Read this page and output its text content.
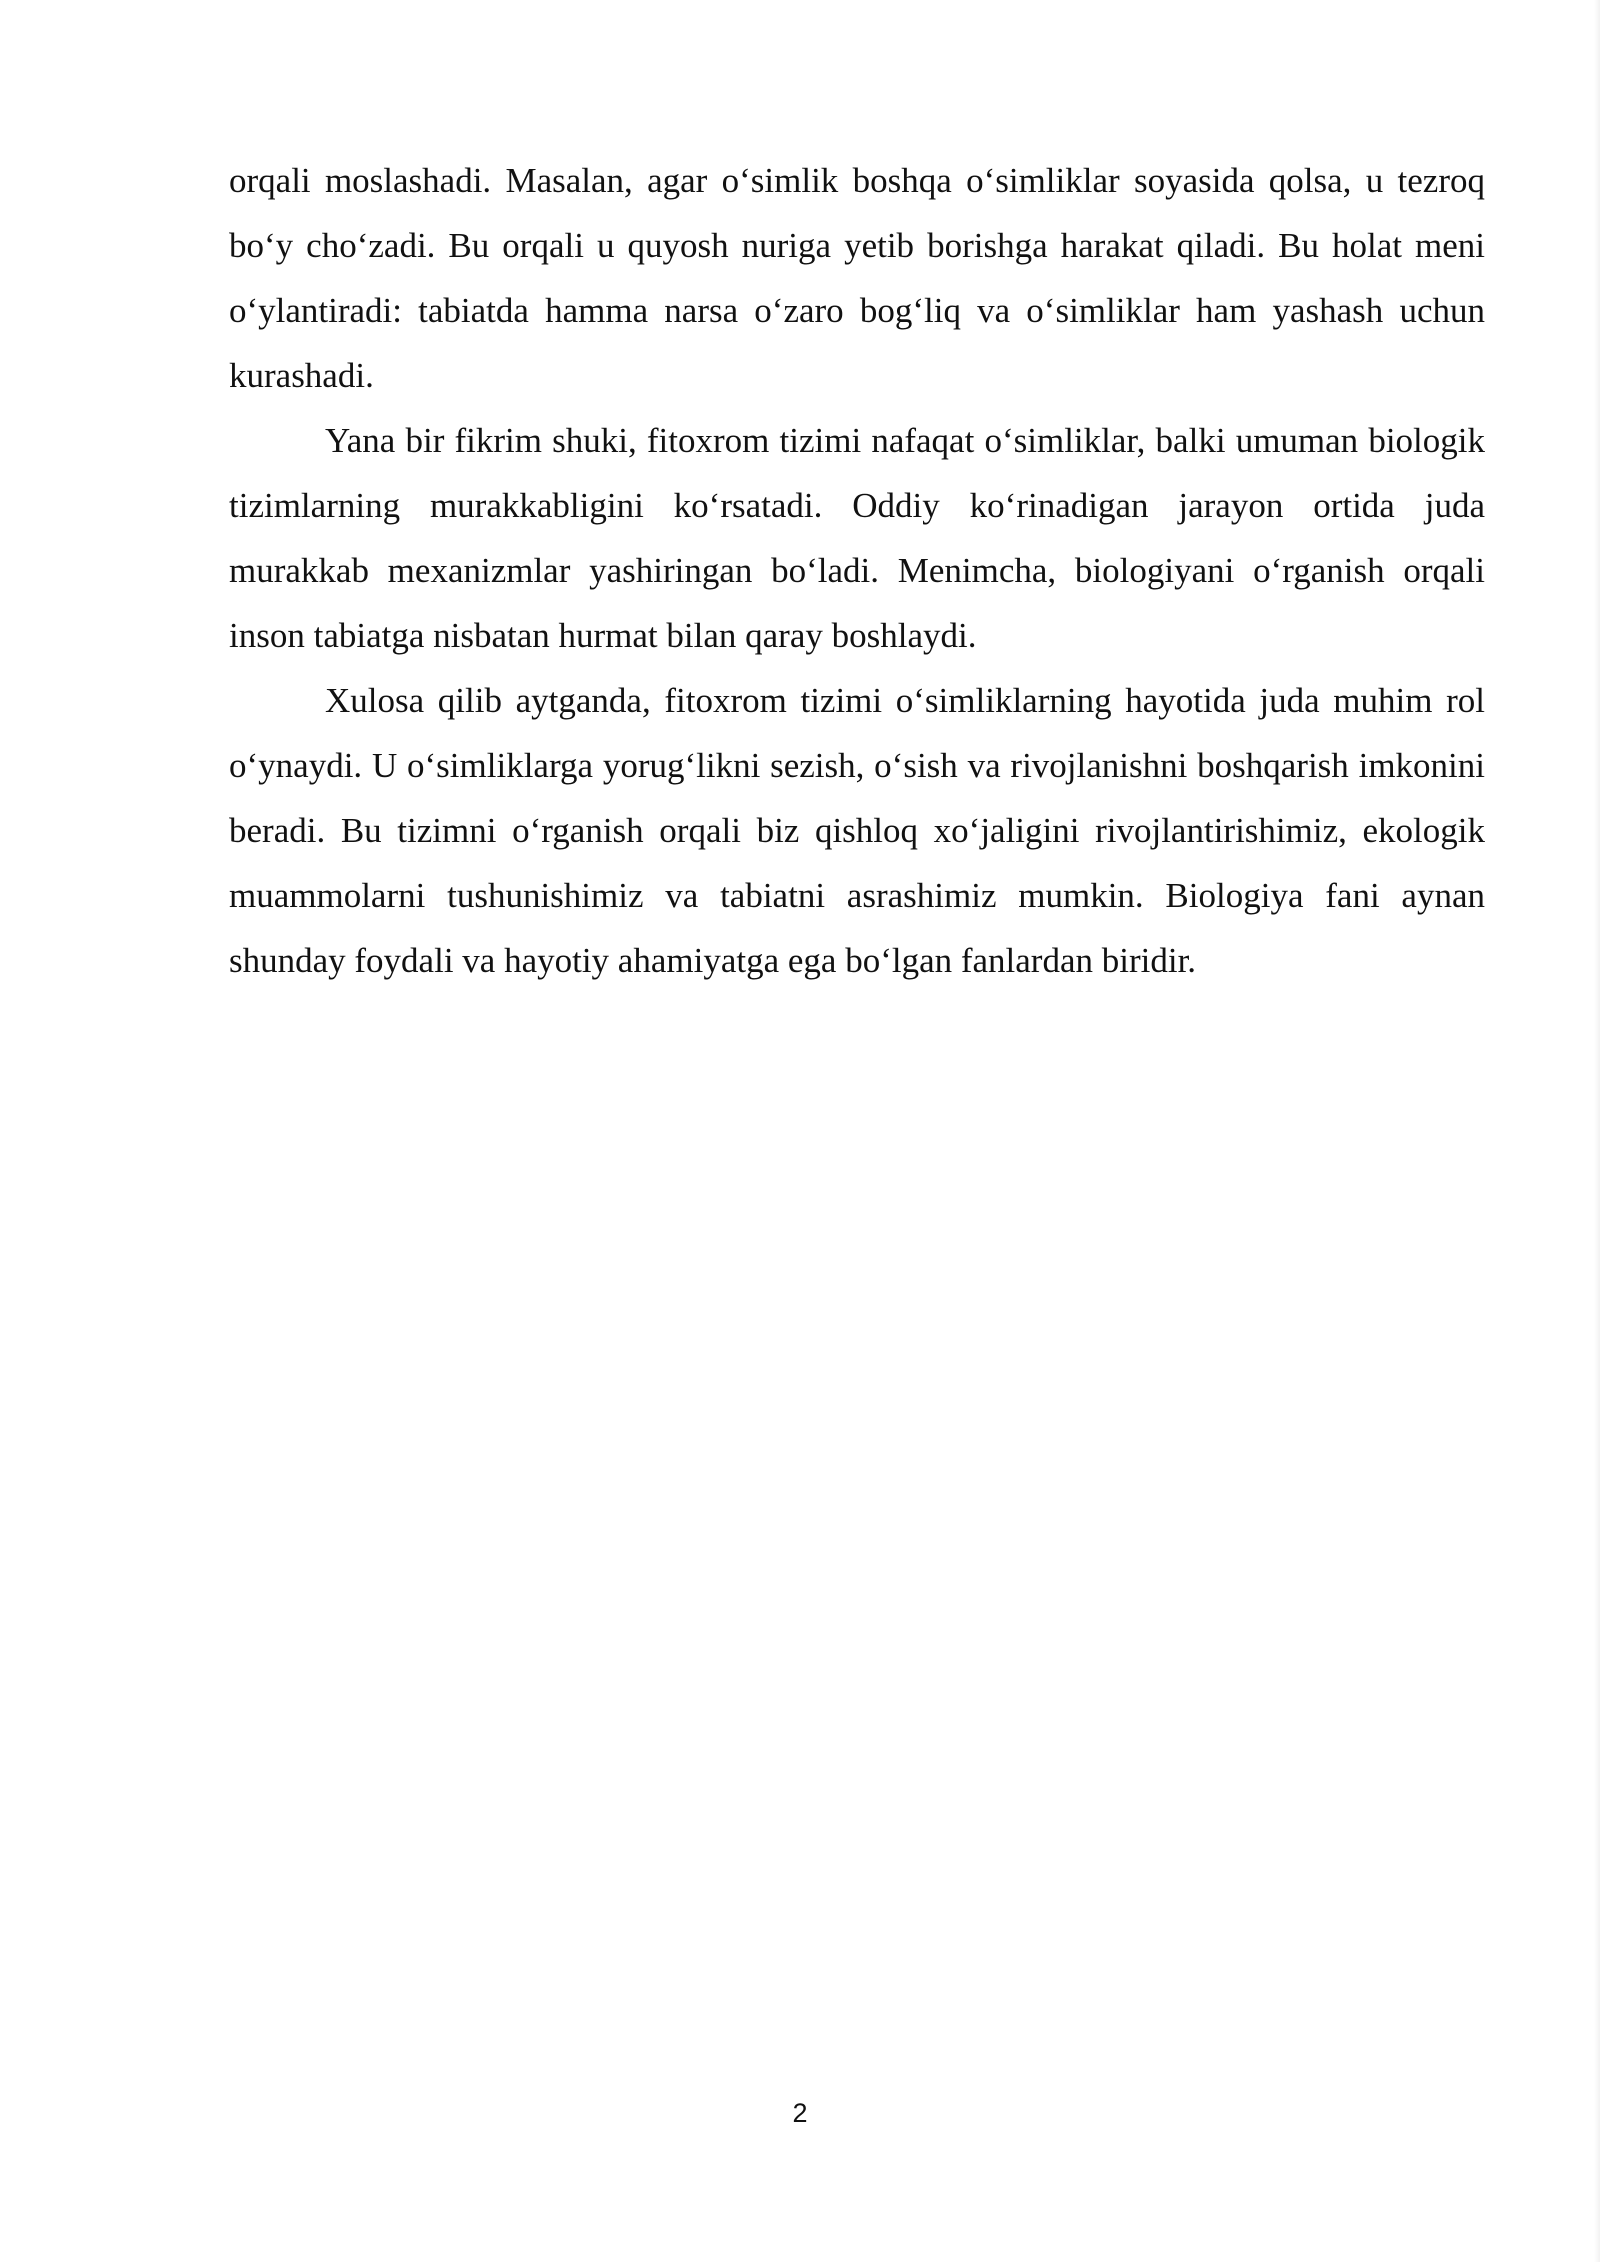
orqali moslashadi. Masalan, agar o‘simlik boshqa o‘simliklar soyasida qolsa, u tezroq bo‘y cho‘zadi. Bu orqali u quyosh nuriga yetib borishga harakat qiladi. Bu holat meni o‘ylantiradi: tabiatda hamma narsa o‘zaro bog‘liq va o‘simliklar ham yashash uchun kurashadi.

Yana bir fikrim shuki, fitoxrom tizimi nafaqat o‘simliklar, balki umuman biologik tizimlarning murakkabligini ko‘rsatadi. Oddiy ko‘rinadigan jarayon ortida juda murakkab mexanizmlar yashiringan bo‘ladi. Menimcha, biologiyani o‘rganish orqali inson tabiatga nisbatan hurmat bilan qaray boshlaydi.

Xulosa qilib aytganda, fitoxrom tizimi o‘simliklarning hayotida juda muhim rol o‘ynaydi. U o‘simliklarga yorug‘likni sezish, o‘sish va rivojlanishni boshqarish imkonini beradi. Bu tizimni o‘rganish orqali biz qishloq xo‘jaligini rivojlantirishimiz, ekologik muammolarni tushunishimiz va tabiatni asrashimiz mumkin. Biologiya fani aynan shunday foydali va hayotiy ahamiyatga ega bo‘lgan fanlardan biridir.

2
